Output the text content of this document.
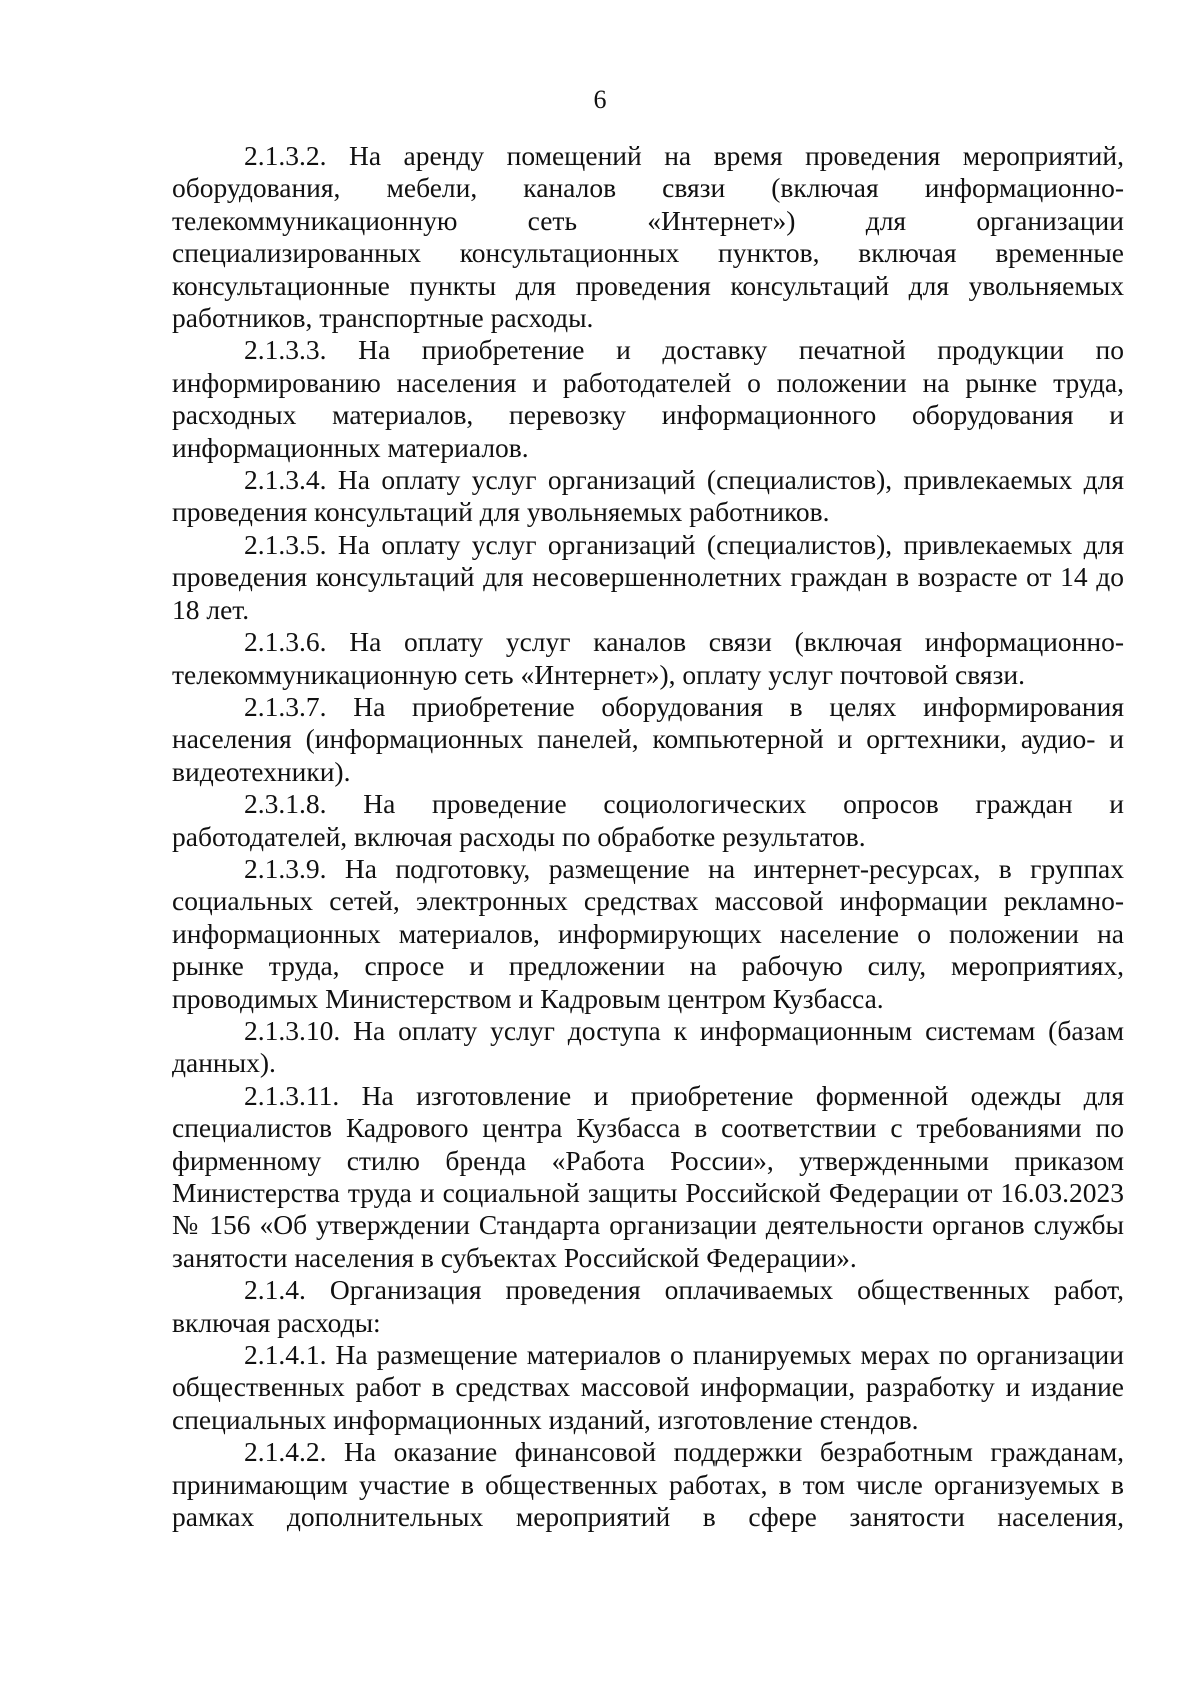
6

2.1.3.2. На аренду помещений на время проведения мероприятий, оборудования, мебели, каналов связи (включая информационно-телекоммуникационную сеть «Интернет») для организации специализированных консультационных пунктов, включая временные консультационные пункты для проведения консультаций для увольняемых работников, транспортные расходы.

2.1.3.3. На приобретение и доставку печатной продукции по информированию населения и работодателей о положении на рынке труда, расходных материалов, перевозку информационного оборудования и информационных материалов.

2.1.3.4. На оплату услуг организаций (специалистов), привлекаемых для проведения консультаций для увольняемых работников.

2.1.3.5. На оплату услуг организаций (специалистов), привлекаемых для проведения консультаций для несовершеннолетних граждан в возрасте от 14 до 18 лет.

2.1.3.6. На оплату услуг каналов связи (включая информационно-телекоммуникационную сеть «Интернет»), оплату услуг почтовой связи.

2.1.3.7. На приобретение оборудования в целях информирования населения (информационных панелей, компьютерной и оргтехники, аудио- и видеотехники).

2.3.1.8. На проведение социологических опросов граждан и работодателей, включая расходы по обработке результатов.

2.1.3.9. На подготовку, размещение на интернет-ресурсах, в группах социальных сетей, электронных средствах массовой информации рекламно-информационных материалов, информирующих население о положении на рынке труда, спросе и предложении на рабочую силу, мероприятиях, проводимых Министерством и Кадровым центром Кузбасса.

2.1.3.10. На оплату услуг доступа к информационным системам (базам данных).

2.1.3.11. На изготовление и приобретение форменной одежды для специалистов Кадрового центра Кузбасса в соответствии с требованиями по фирменному стилю бренда «Работа России», утвержденными приказом Министерства труда и социальной защиты Российской Федерации от 16.03.2023 № 156 «Об утверждении Стандарта организации деятельности органов службы занятости населения в субъектах Российской Федерации».

2.1.4. Организация проведения оплачиваемых общественных работ, включая расходы:

2.1.4.1. На размещение материалов о планируемых мерах по организации общественных работ в средствах массовой информации, разработку и издание специальных информационных изданий, изготовление стендов.

2.1.4.2. На оказание финансовой поддержки безработным гражданам, принимающим участие в общественных работах, в том числе организуемых в рамках дополнительных мероприятий в сфере занятости населения,
